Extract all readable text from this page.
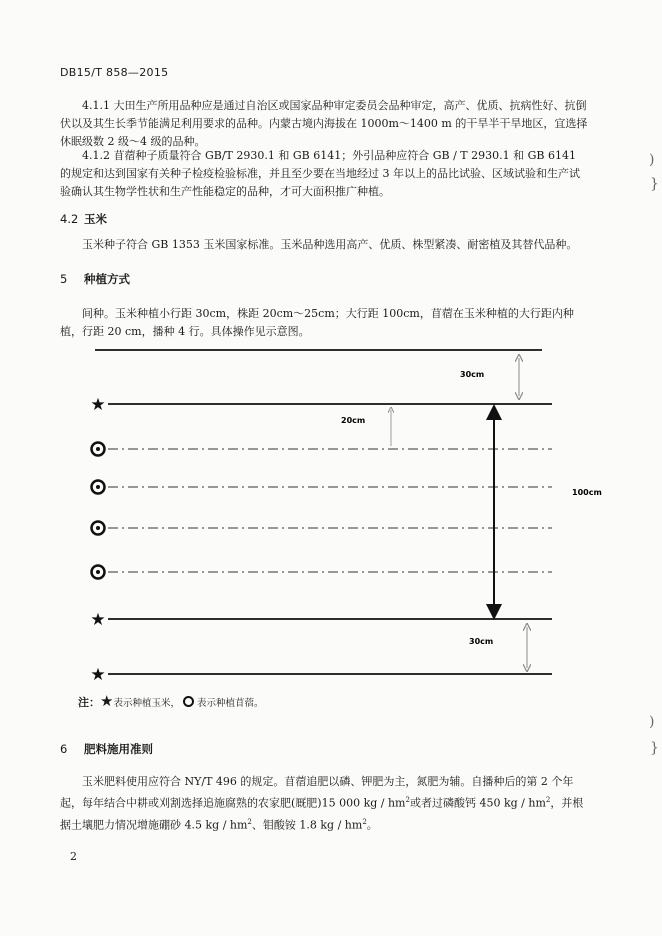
DB15/T 858—2015
4.1.1 大田生产所用品种应是通过自治区或国家品种审定委员会品种审定，高产、优质、抗病性好、抗倒伏以及其生长季节能满足利用要求的品种。内蒙古境内海拔在 1000m～1400 m 的干旱半干旱地区，宜选择休眠级数 2 级～4 级的品种。
4.1.2 苜蓿种子质量符合 GB/T 2930.1 和 GB 6141；外引品种应符合 GB / T 2930.1 和 GB 6141 的规定和达到国家有关种子检疫检验标准，并且至少要在当地经过 3 年以上的品比试验、区域试验和生产试验确认其生物学性状和生产性能稳定的品种，才可大面积推广种植。
4.2 玉米
玉米种子符合 GB 1353 玉米国家标准。玉米品种选用高产、优质、株型紧凑、耐密植及其替代品种。
5 种植方式
间种。玉米种植小行距 30cm，株距 20cm～25cm；大行距 100cm，苜蓿在玉米种植的大行距内种植，行距 20 cm，播种 4 行。具体操作见示意图。
★
★
★
30cm
20cm
100cm
30cm
注：★表示种植玉米， 表示种植苜蓿。
6 肥料施用准则
玉米肥料使用应符合 NY/T 496 的规定。苜蓿追肥以磷、钾肥为主，氮肥为辅。自播种后的第 2 个年起，每年结合中耕或刈割选择追施腐熟的农家肥(厩肥)15 000 kg / $hm^2$或者过磷酸钙 450 kg / $hm^2$，并根据土壤肥力情况增施硼砂 4.5 kg / $hm^2$、钼酸铵 1.8 kg / $hm^2$。
2
)
}
)
}
